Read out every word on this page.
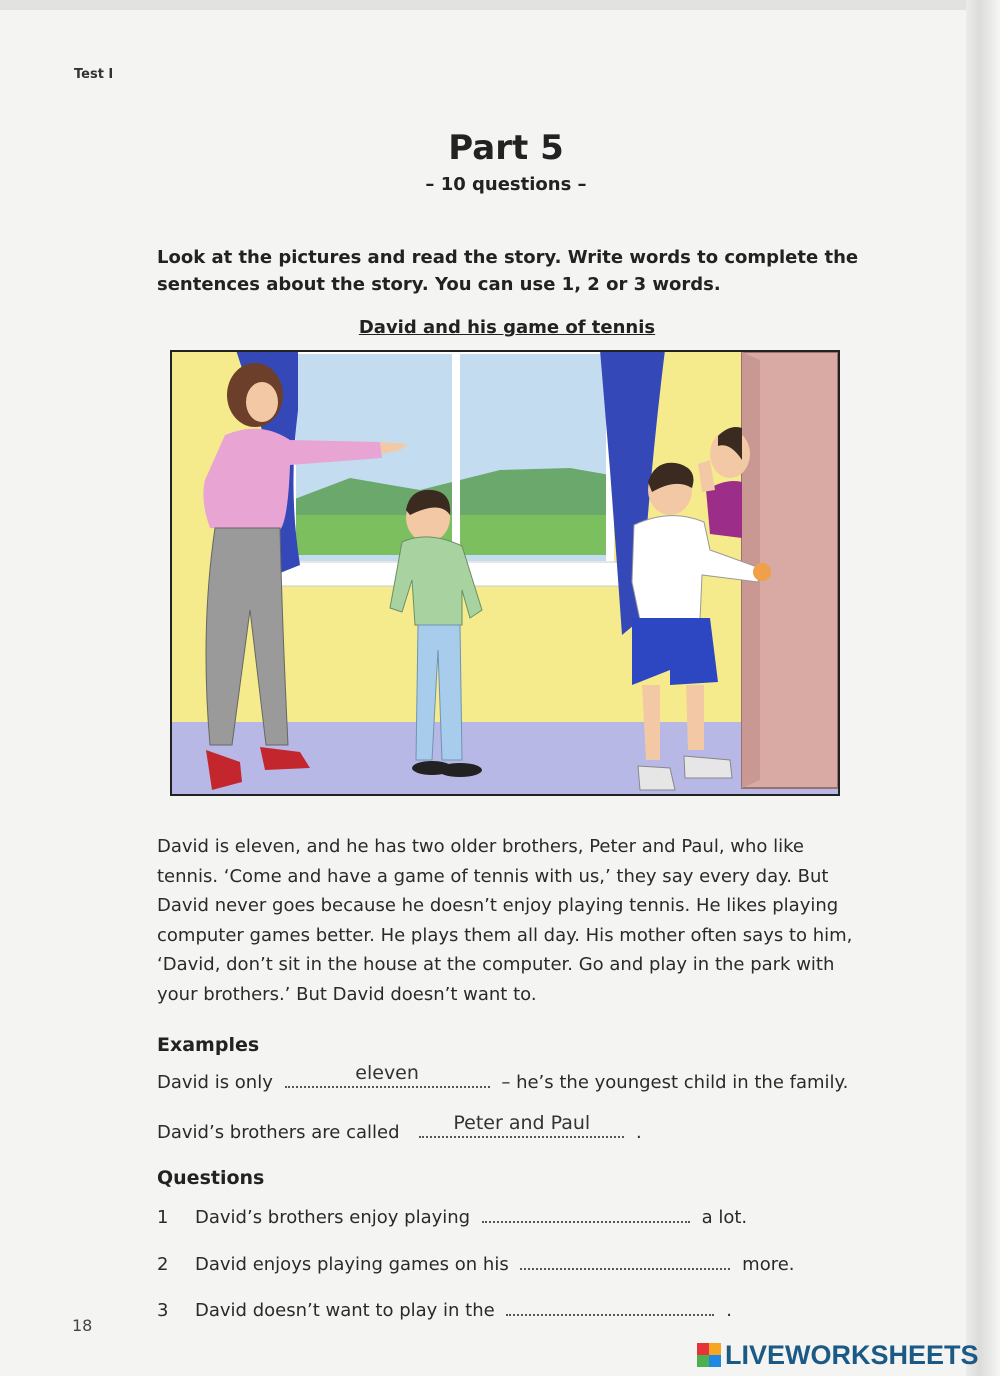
Test I
Part 5
– 10 questions –
Look at the pictures and read the story. Write words to complete the sentences about the story. You can use 1, 2 or 3 words.
David and his game of tennis
David is eleven, and he has two older brothers, Peter and Paul, who like tennis. ‘Come and have a game of tennis with us,’ they say every day. But David never goes because he doesn’t enjoy playing tennis. He likes playing computer games better. He plays them all day. His mother often says to him, ‘David, don’t sit in the house at the computer. Go and play in the park with your brothers.’ But David doesn’t want to.
Examples
David is only	eleven	– he’s the youngest child in the family.
David’s brothers are called	Peter and Paul	.
Questions
1 David’s brothers enjoy playing	a lot.
2 David enjoys playing games on his	more.
3 David doesn’t want to play in the	.
18
LIVEWORKSHEETS
